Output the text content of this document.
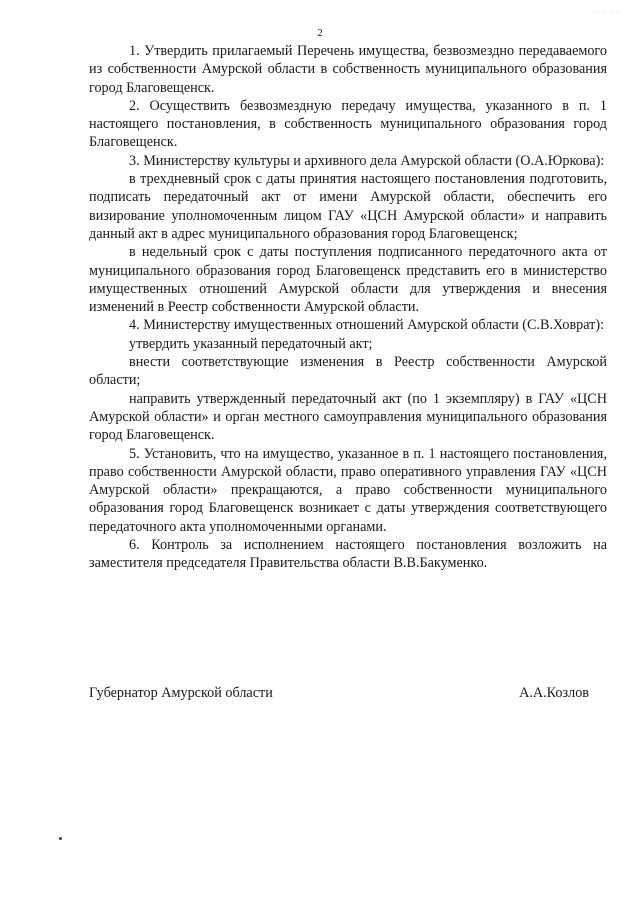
2
· · · ·

1. Утвердить прилагаемый Перечень имущества, безвозмездно передаваемого из собственности Амурской области в собственность муниципального образования город Благовещенск.

2. Осуществить безвозмездную передачу имущества, указанного в п. 1 настоящего постановления, в собственность муниципального образования город Благовещенск.

3. Министерству культуры и архивного дела Амурской области (О.А.Юркова):

в трехдневный срок с даты принятия настоящего постановления подготовить, подписать передаточный акт от имени Амурской области, обеспечить его визирование уполномоченным лицом ГАУ «ЦСН Амурской области» и направить данный акт в адрес муниципального образования город Благовещенск;

в недельный срок с даты поступления подписанного передаточного акта от муниципального образования город Благовещенск представить его в министерство имущественных отношений Амурской области для утверждения и внесения изменений в Реестр собственности Амурской области.

4. Министерству имущественных отношений Амурской области (С.В.Ховрат):

утвердить указанный передаточный акт;

внести соответствующие изменения в Реестр собственности Амурской области;

направить утвержденный передаточный акт (по 1 экземпляру) в ГАУ «ЦСН Амурской области» и орган местного самоуправления муниципального образования город Благовещенск.

5. Установить, что на имущество, указанное в п. 1 настоящего постановления, право собственности Амурской области, право оперативного управления ГАУ «ЦСН Амурской области» прекращаются, а право собственности муниципального образования город Благовещенск возникает с даты утверждения соответствующего передаточного акта уполномоченными органами.

6. Контроль за исполнением настоящего постановления возложить на заместителя председателя Правительства области В.В.Бакуменко.

Губернатор Амурской области	А.А.Козлов
